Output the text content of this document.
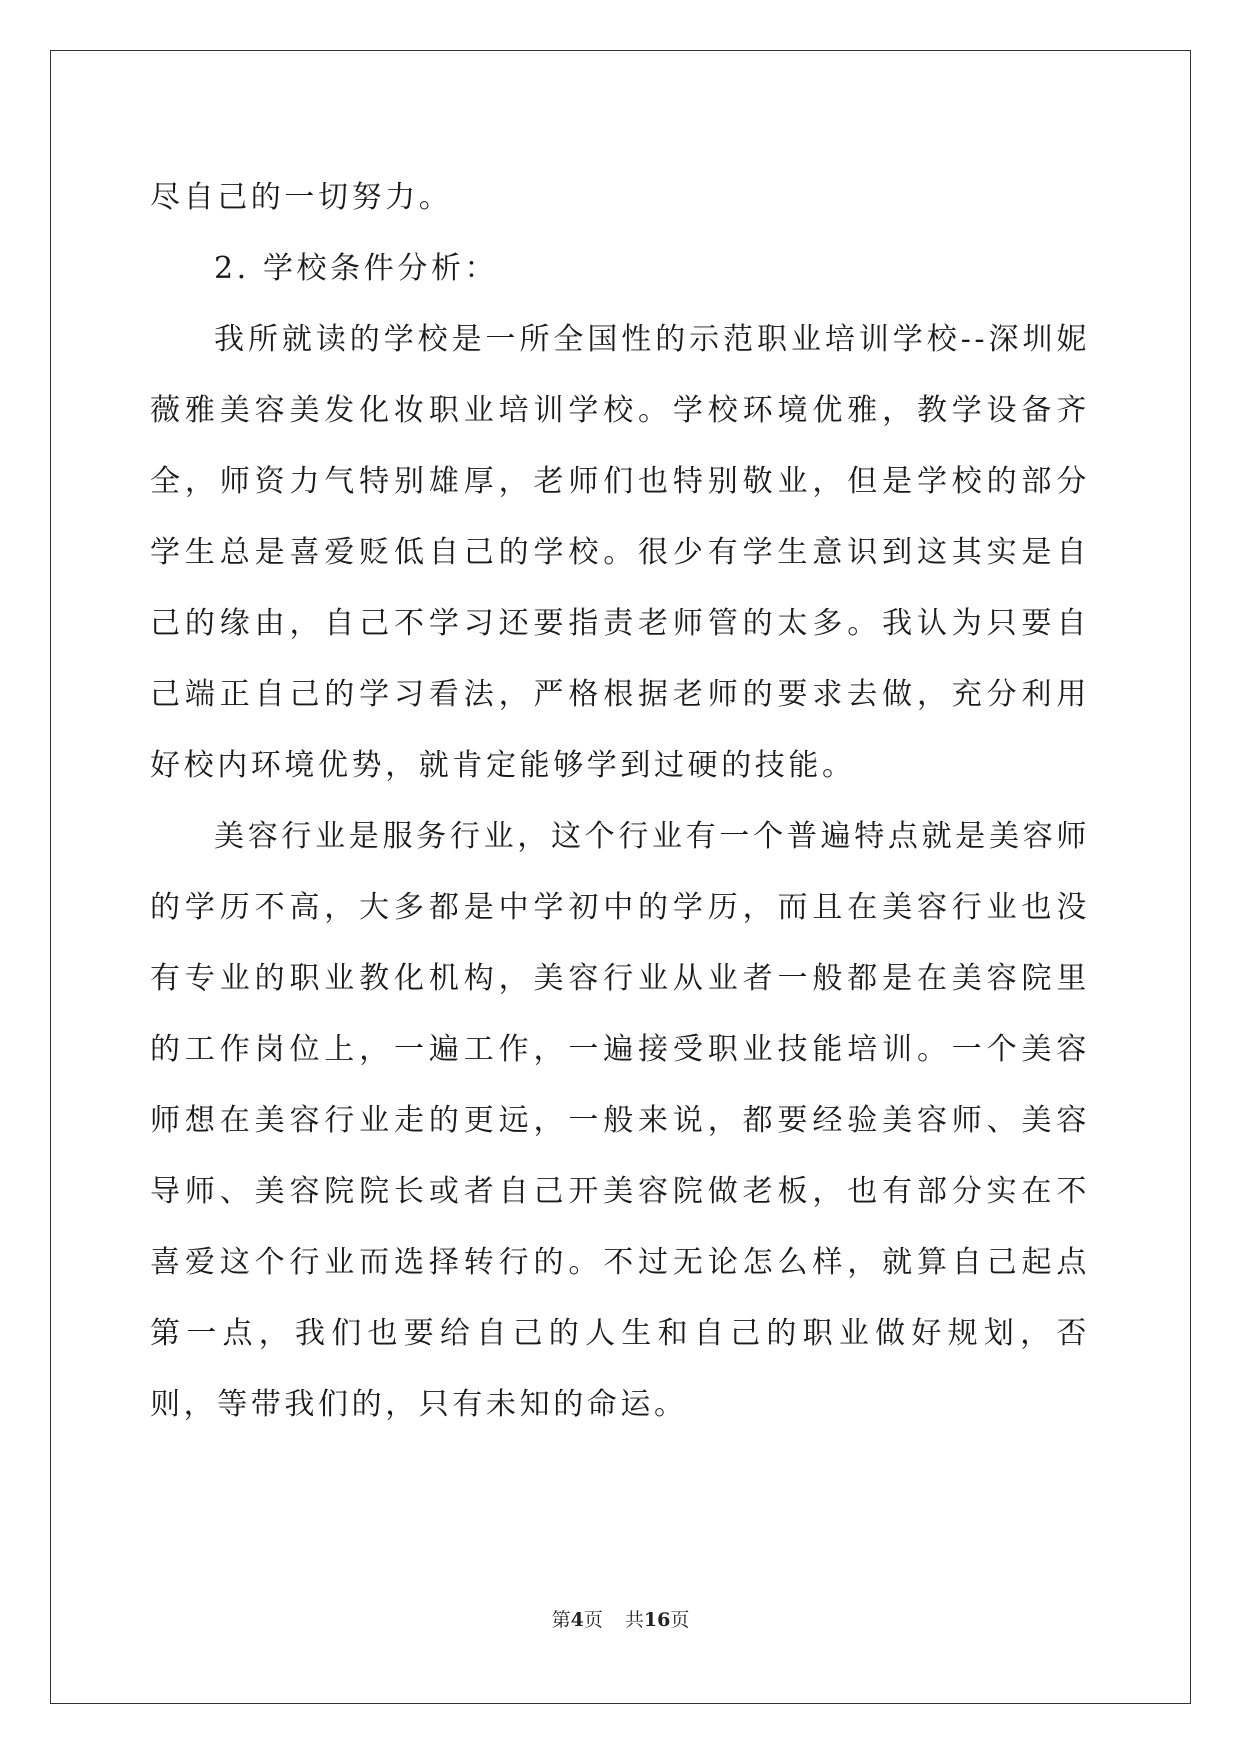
尽自己的一切努力。

2. 学校条件分析：

我所就读的学校是一所全国性的示范职业培训学校--深圳妮薇雅美容美发化妆职业培训学校。学校环境优雅，教学设备齐全，师资力气特别雄厚，老师们也特别敬业，但是学校的部分学生总是喜爱贬低自己的学校。很少有学生意识到这其实是自己的缘由，自己不学习还要指责老师管的太多。我认为只要自己端正自己的学习看法，严格根据老师的要求去做，充分利用好校内环境优势，就肯定能够学到过硬的技能。

美容行业是服务行业，这个行业有一个普遍特点就是美容师的学历不高，大多都是中学初中的学历，而且在美容行业也没有专业的职业教化机构，美容行业从业者一般都是在美容院里的工作岗位上，一遍工作，一遍接受职业技能培训。一个美容师想在美容行业走的更远，一般来说，都要经验美容师、美容导师、美容院院长或者自己开美容院做老板，也有部分实在不喜爱这个行业而选择转行的。不过无论怎么样，就算自己起点第一点，我们也要给自己的人生和自己的职业做好规划，否则，等带我们的，只有未知的命运。

第4页 共16页
